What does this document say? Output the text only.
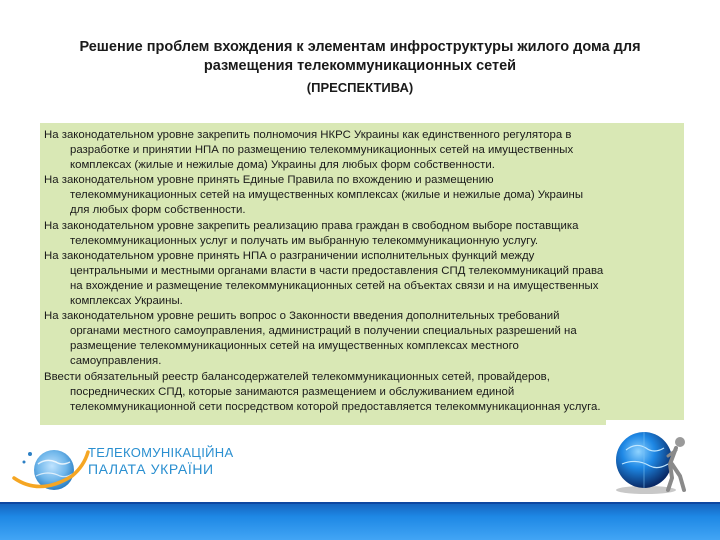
Решение проблем вхождения к элементам инфроструктуры жилого дома для
размещения телекоммуникационных сетей
(ПРЕСПЕКТИВА)
На законодательном уровне закрепить полномочия НКРС Украины как единственного регулятора в
разработке и принятии НПА по размещению телекоммуникационных сетей на имущественных
комплексах (жилые и нежилые дома) Украины для любых форм собственности.
На законодательном уровне принять Единые Правила по вхождению и размещению
телекоммуникационных сетей на имущественных комплексах (жилые и нежилые дома) Украины
для любых форм собственности.
На законодательном уровне закрепить реализацию права граждан в свободном выборе поставщика
телекоммуникационных услуг и получать им выбранную телекоммуникационную услугу.
На законодательном уровне принять НПА о разграничении исполнительных функций между
центральными и местными органами власти в части предоставления СПД телекоммуникаций права
на вхождение и размещение телекоммуникационных сетей на объектах связи и на имущественных
комплексах Украины.
На законодательном уровне решить вопрос о Законности введения дополнительных требований
органами местного самоуправления, администраций в получении специальных разрешений на
размещение телекоммуникационных сетей на имущественных комплексах местного
самоуправления.
Ввести обязательный реестр балансодержателей телекоммуникационных сетей, провайдеров,
посреднических СПД, которые занимаются размещением и обслуживанием единой
телекоммуникационной сети посредством которой предоставляется телекоммуникационная услуга.
ТЕЛЕКОМУНІКАЦІЙНА
ПАЛАТА УКРАЇНИ
